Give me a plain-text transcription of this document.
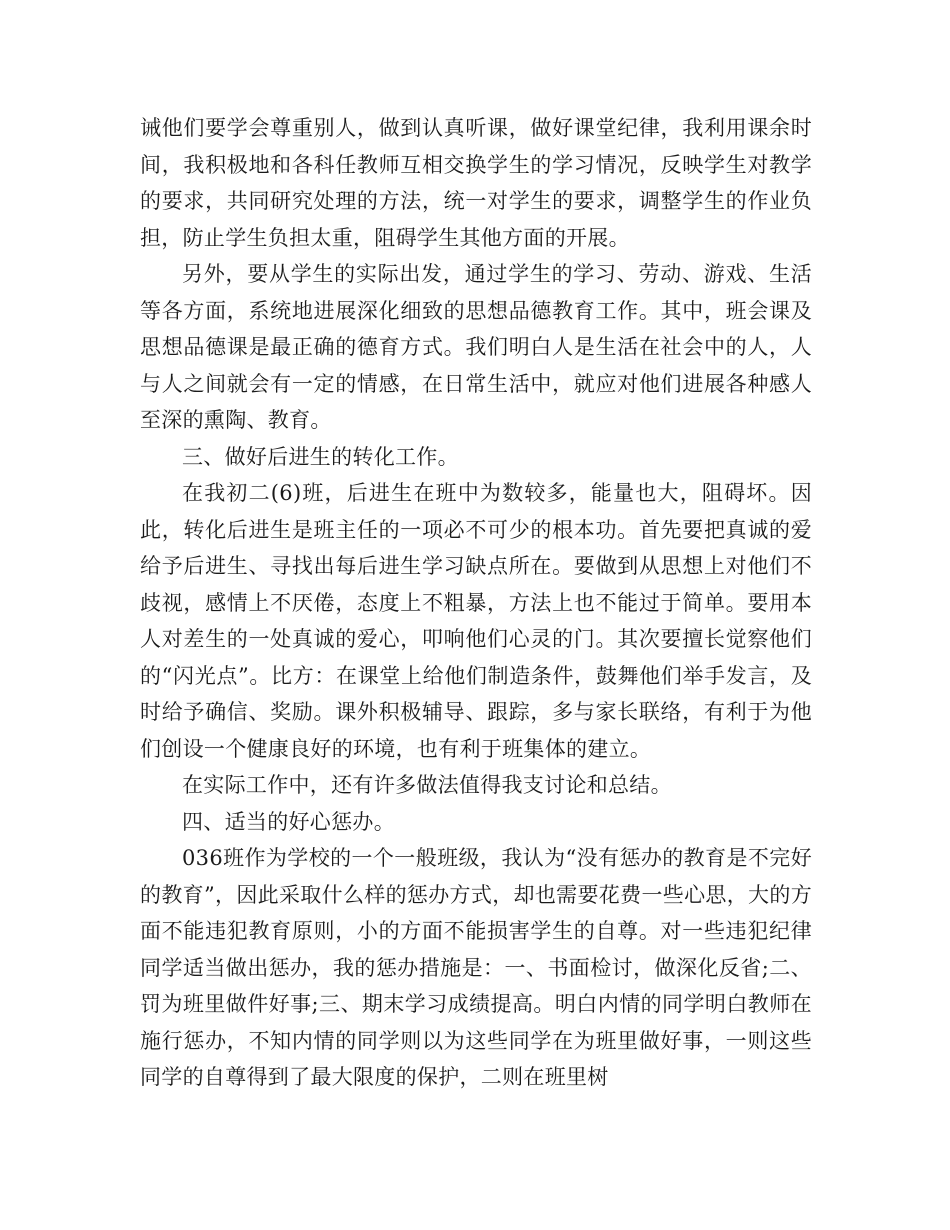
诫他们要学会尊重别人，做到认真听课，做好课堂纪律，我利用课余时间，我积极地和各科任教师互相交换学生的学习情况，反映学生对教学的要求，共同研究处理的方法，统一对学生的要求，调整学生的作业负担，防止学生负担太重，阻碍学生其他方面的开展。

另外，要从学生的实际出发，通过学生的学习、劳动、游戏、生活等各方面，系统地进展深化细致的思想品德教育工作。其中，班会课及思想品德课是最正确的德育方式。我们明白人是生活在社会中的人，人与人之间就会有一定的情感，在日常生活中，就应对他们进展各种感人至深的熏陶、教育。

三、做好后进生的转化工作。

在我初二(6)班，后进生在班中为数较多，能量也大，阻碍坏。因此，转化后进生是班主任的一项必不可少的根本功。首先要把真诚的爱给予后进生、寻找出每后进生学习缺点所在。要做到从思想上对他们不歧视，感情上不厌倦，态度上不粗暴，方法上也不能过于简单。要用本人对差生的一处真诚的爱心，叩响他们心灵的门。其次要擅长觉察他们的“闪光点”。比方：在课堂上给他们制造条件，鼓舞他们举手发言，及时给予确信、奖励。课外积极辅导、跟踪，多与家长联络，有利于为他们创设一个健康良好的环境，也有利于班集体的建立。

在实际工作中，还有许多做法值得我支讨论和总结。

四、适当的好心惩办。

036班作为学校的一个一般班级，我认为“没有惩办的教育是不完好的教育”，因此采取什么样的惩办方式，却也需要花费一些心思，大的方面不能违犯教育原则，小的方面不能损害学生的自尊。对一些违犯纪律同学适当做出惩办，我的惩办措施是：一、书面检讨，做深化反省;二、罚为班里做件好事;三、期末学习成绩提高。明白内情的同学明白教师在施行惩办，不知内情的同学则以为这些同学在为班里做好事，一则这些同学的自尊得到了最大限度的保护，二则在班里树
